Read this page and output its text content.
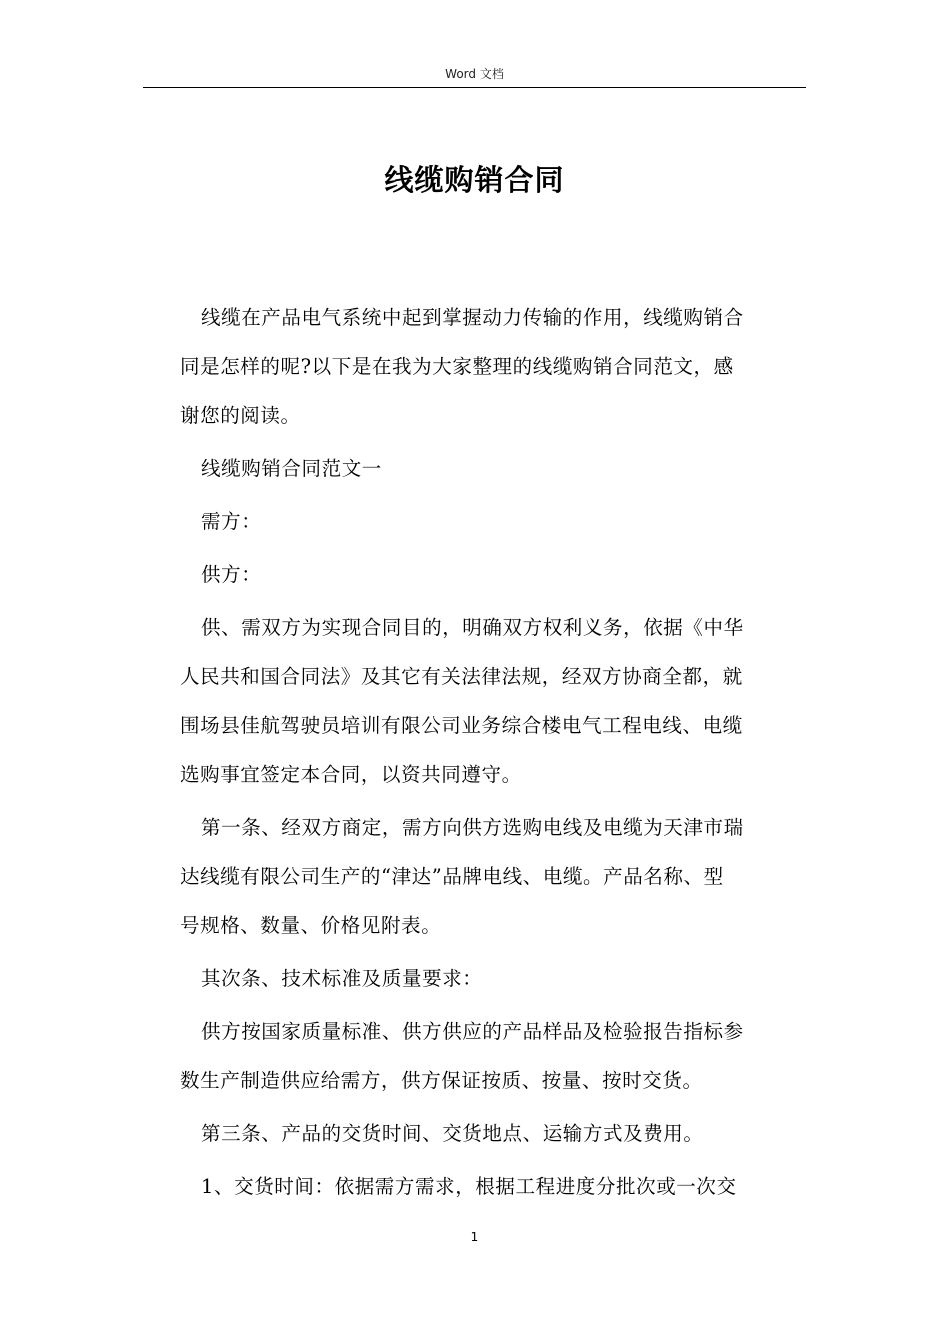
Word 文档
线缆购销合同

线缆在产品电气系统中起到掌握动力传输的作用，线缆购销合
同是怎样的呢?以下是在我为大家整理的线缆购销合同范文，感
谢您的阅读。

线缆购销合同范文一

需方：

供方：

供、需双方为实现合同目的，明确双方权利义务，依据《中华
人民共和国合同法》及其它有关法律法规，经双方协商全都，就
围场县佳航驾驶员培训有限公司业务综合楼电气工程电线、电缆
选购事宜签定本合同，以资共同遵守。

第一条、经双方商定，需方向供方选购电线及电缆为天津市瑞
达线缆有限公司生产的“津达”品牌电线、电缆。产品名称、型
号规格、数量、价格见附表。

其次条、技术标准及质量要求：

供方按国家质量标准、供方供应的产品样品及检验报告指标参
数生产制造供应给需方，供方保证按质、按量、按时交货。

第三条、产品的交货时间、交货地点、运输方式及费用。

1、交货时间：依据需方需求，根据工程进度分批次或一次交

1
